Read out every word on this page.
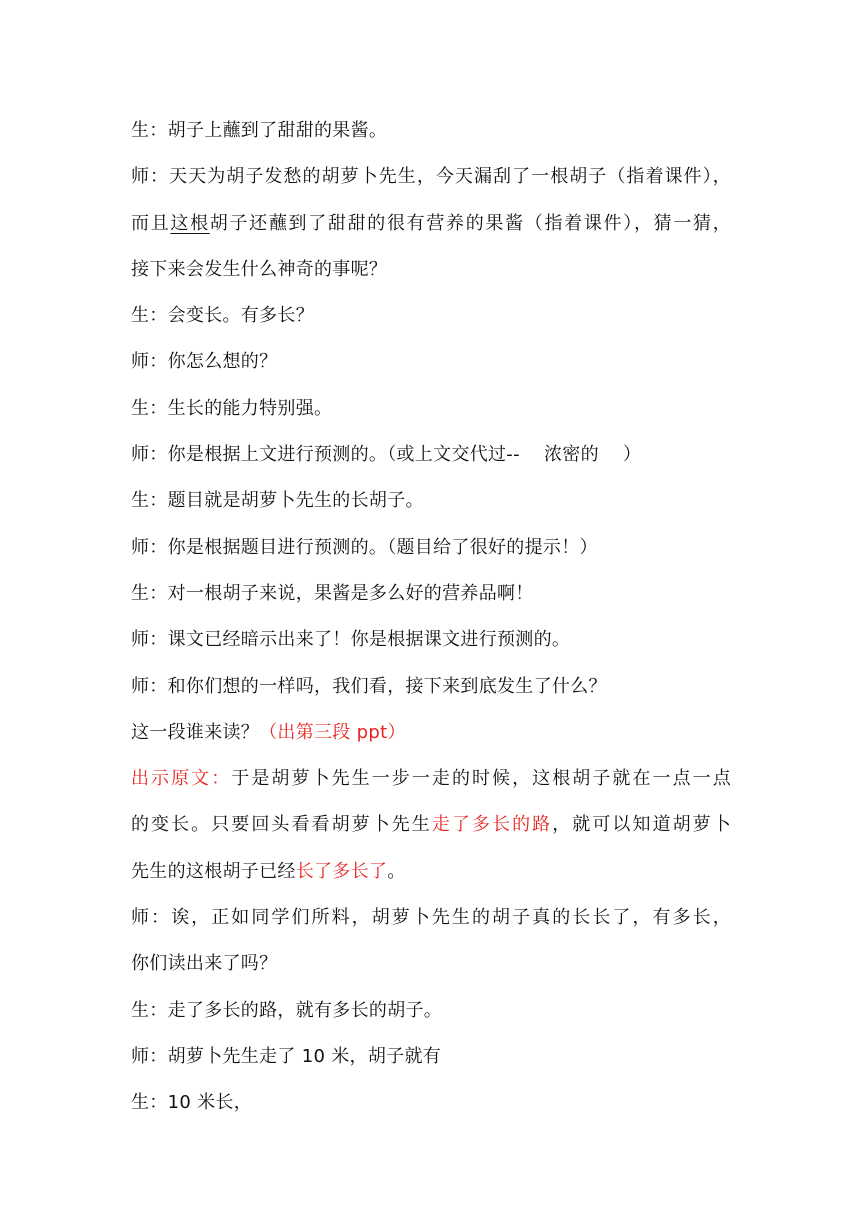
生：胡子上蘸到了甜甜的果酱。
师：天天为胡子发愁的胡萝卜先生，今天漏刮了一根胡子（指着课件），
而且这根胡子还蘸到了甜甜的很有营养的果酱（指着课件），猜一猜，
接下来会发生什么神奇的事呢？
生：会变长。有多长？
师：你怎么想的？
生：生长的能力特别强。
师：你是根据上文进行预测的。（或上文交代过--    浓密的    ）
生：题目就是胡萝卜先生的长胡子。
师：你是根据题目进行预测的。（题目给了很好的提示！）
生：对一根胡子来说，果酱是多么好的营养品啊！
师：课文已经暗示出来了！你是根据课文进行预测的。
师：和你们想的一样吗，我们看，接下来到底发生了什么？
这一段谁来读？（出第三段 ppt）
出示原文：于是胡萝卜先生一步一走的时候，这根胡子就在一点一点
的变长。只要回头看看胡萝卜先生走了多长的路，就可以知道胡萝卜
先生的这根胡子已经长了多长了。
师：诶，正如同学们所料，胡萝卜先生的胡子真的长长了，有多长，
你们读出来了吗？
生：走了多长的路，就有多长的胡子。
师：胡萝卜先生走了 10 米，胡子就有
生：10 米长，
